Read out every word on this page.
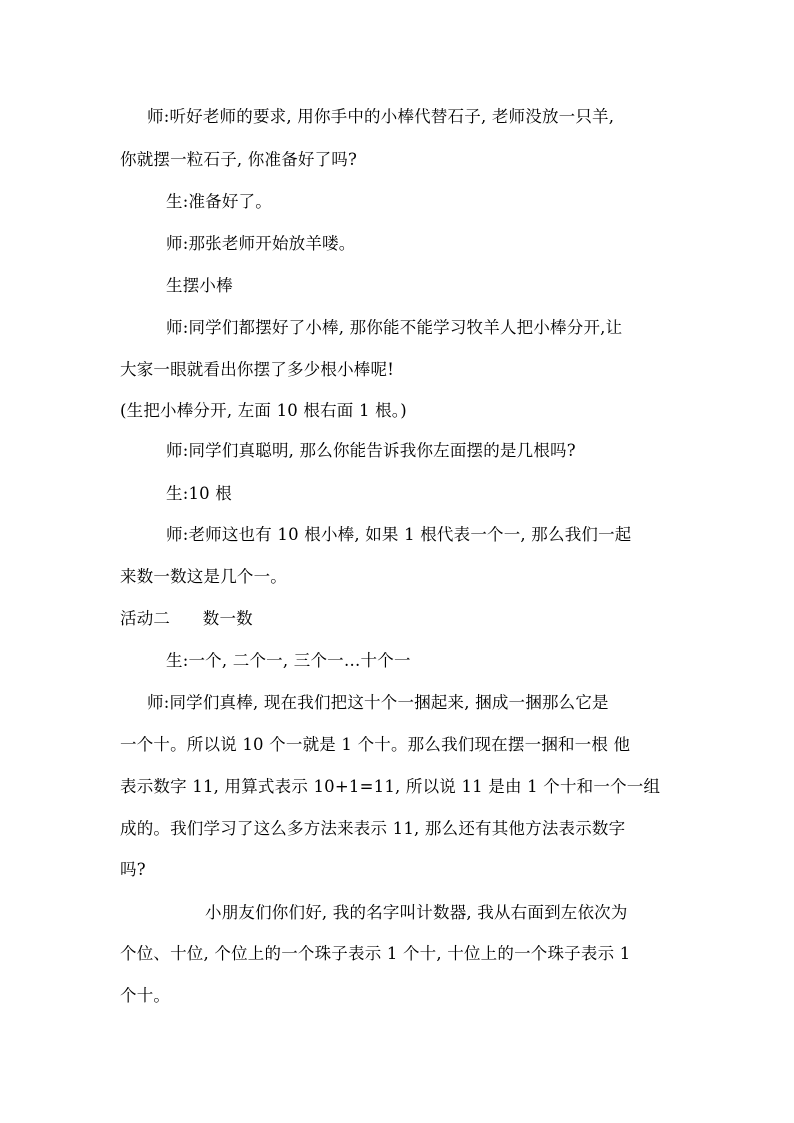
师:听好老师的要求, 用你手中的小棒代替石子, 老师没放一只羊,
你就摆一粒石子, 你准备好了吗?
生:准备好了。
师:那张老师开始放羊喽。
生摆小棒
师:同学们都摆好了小棒, 那你能不能学习牧羊人把小棒分开,让
大家一眼就看出你摆了多少根小棒呢!
(生把小棒分开, 左面 10 根右面 1 根。)
师:同学们真聪明, 那么你能告诉我你左面摆的是几根吗?
生:10 根
师:老师这也有 10 根小棒, 如果 1 根代表一个一, 那么我们一起
来数一数这是几个一。
活动二      数一数
生:一个, 二个一, 三个一…十个一
师:同学们真棒, 现在我们把这十个一捆起来, 捆成一捆那么它是
一个十。所以说 10 个一就是 1 个十。那么我们现在摆一捆和一根 他
表示数字 11, 用算式表示 10+1=11, 所以说 11 是由 1 个十和一个一组
成的。我们学习了这么多方法来表示 11, 那么还有其他方法表示数字
吗?
小朋友们你们好, 我的名字叫计数器, 我从右面到左依次为
个位、十位, 个位上的一个珠子表示 1 个十, 十位上的一个珠子表示 1
个十。
